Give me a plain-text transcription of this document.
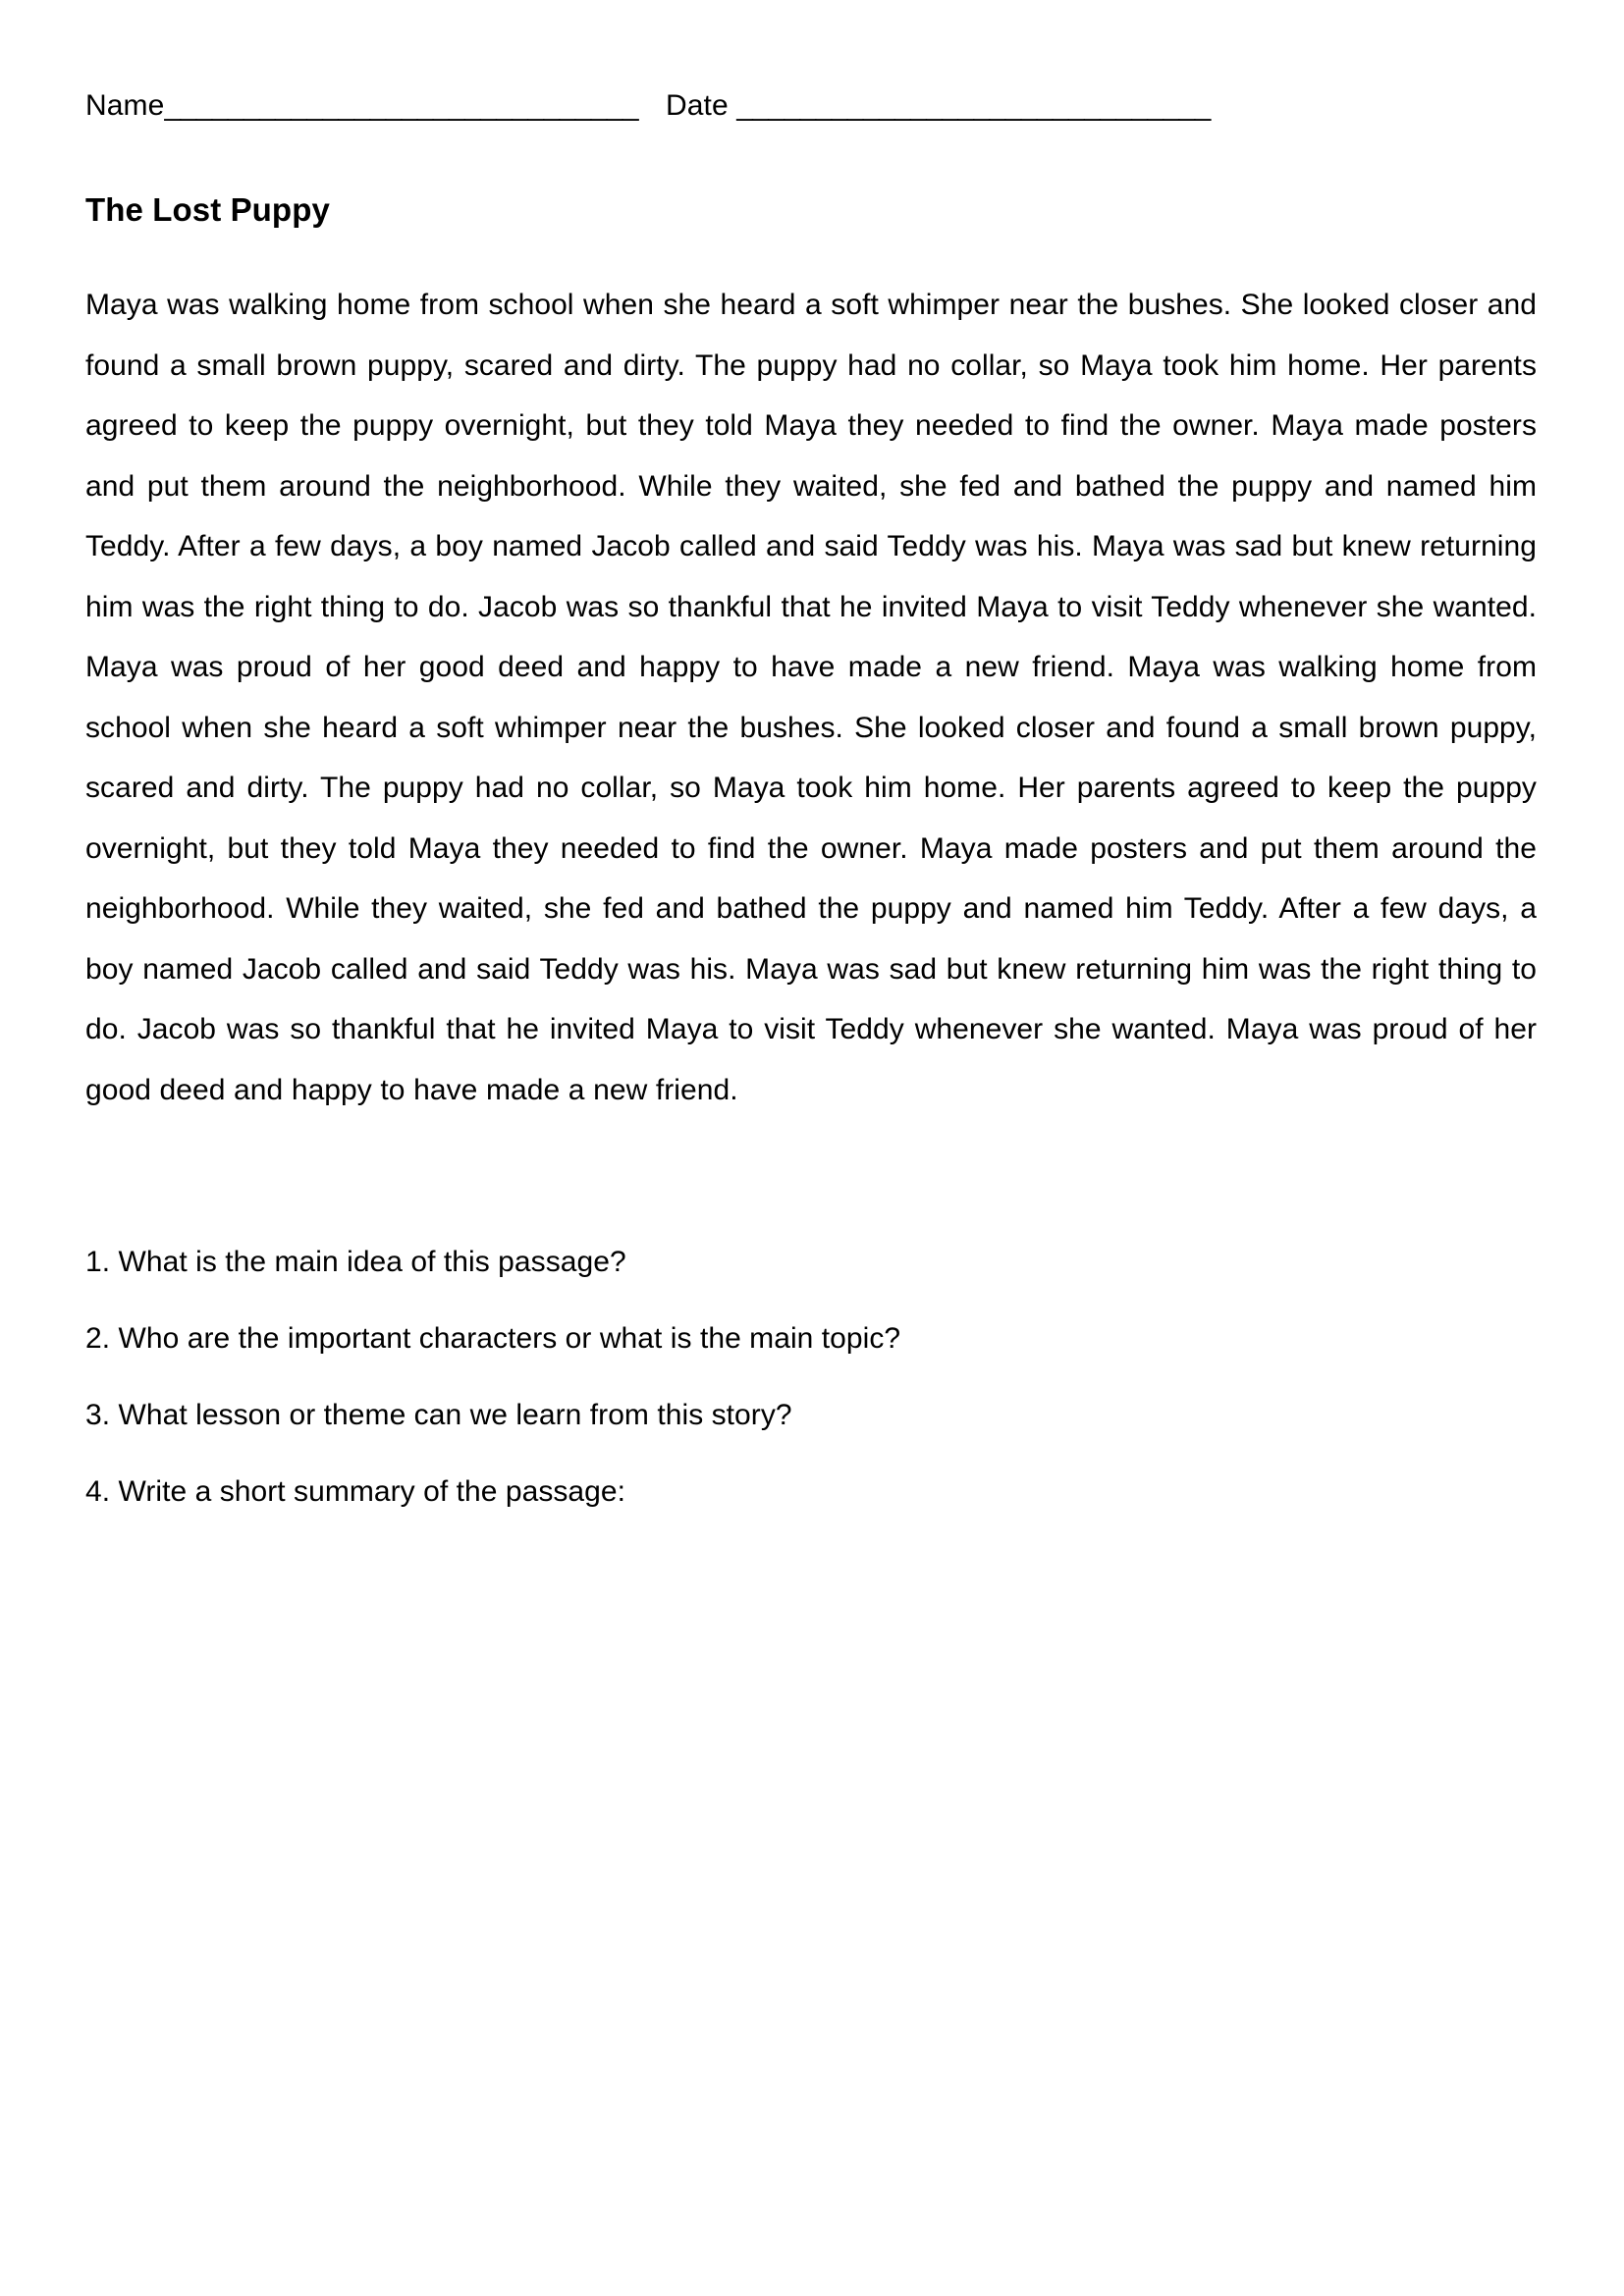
Name______________________________ Date ______________________________
The Lost Puppy
Maya was walking home from school when she heard a soft whimper near the bushes. She looked closer and found a small brown puppy, scared and dirty. The puppy had no collar, so Maya took him home. Her parents agreed to keep the puppy overnight, but they told Maya they needed to find the owner. Maya made posters and put them around the neighborhood. While they waited, she fed and bathed the puppy and named him Teddy. After a few days, a boy named Jacob called and said Teddy was his. Maya was sad but knew returning him was the right thing to do. Jacob was so thankful that he invited Maya to visit Teddy whenever she wanted. Maya was proud of her good deed and happy to have made a new friend. Maya was walking home from school when she heard a soft whimper near the bushes. She looked closer and found a small brown puppy, scared and dirty. The puppy had no collar, so Maya took him home. Her parents agreed to keep the puppy overnight, but they told Maya they needed to find the owner. Maya made posters and put them around the neighborhood. While they waited, she fed and bathed the puppy and named him Teddy. After a few days, a boy named Jacob called and said Teddy was his. Maya was sad but knew returning him was the right thing to do. Jacob was so thankful that he invited Maya to visit Teddy whenever she wanted. Maya was proud of her good deed and happy to have made a new friend.

1. What is the main idea of this passage?

2. Who are the important characters or what is the main topic?

3. What lesson or theme can we learn from this story?

4. Write a short summary of the passage:
